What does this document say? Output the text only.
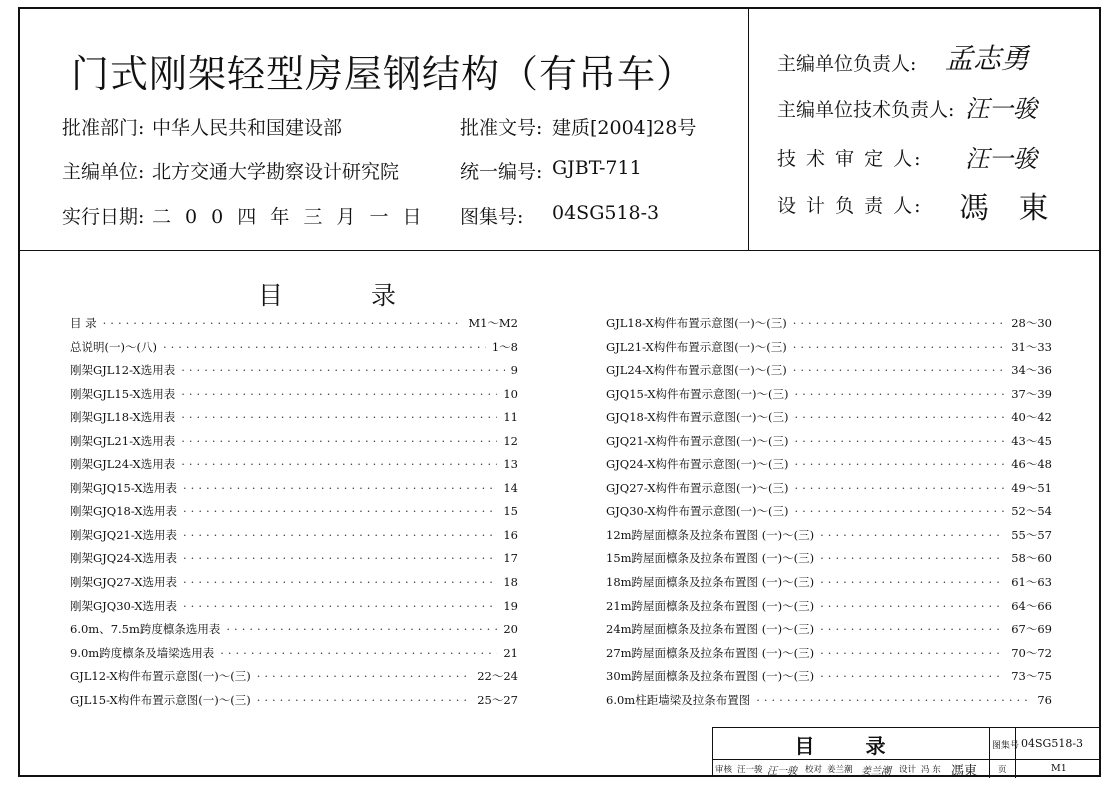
门式刚架轻型房屋钢结构（有吊车）
批准部门: 中华人民共和国建设部	批准文号: 建质[2004]28号
主编单位: 北方交通大学勘察设计研究院	统一编号: GJBT-711
实行日期: 二 0 0 四 年 三 月 一 日 图集号: 04SG518-3
主编单位负责人: 孟志勇
主编单位技术负责人: 汪一骏
技 术 审 定 人: 汪一骏
设 计 负 责 人: 馮 東
目 录
目 录 ·····	M1～M2
总说明(一)～(八) ·····	1～8
刚架GJL12-X选用表 ·····	9
刚架GJL15-X选用表 ·····	10
刚架GJL18-X选用表 ·····	11
刚架GJL21-X选用表 ·····	12
刚架GJL24-X选用表 ·····	13
刚架GJQ15-X选用表 ·····	14
刚架GJQ18-X选用表 ·····	15
刚架GJQ21-X选用表 ·····	16
刚架GJQ24-X选用表 ·····	17
刚架GJQ27-X选用表 ·····	18
刚架GJQ30-X选用表 ·····	19
6.0m、7.5m跨度檩条选用表 ·····	20
9.0m跨度檩条及墙梁选用表 ·····	21
GJL12-X构件布置示意图(一)～(三) ·····	22～24
GJL15-X构件布置示意图(一)～(三) ·····	25～27
GJL18-X构件布置示意图(一)～(三) ·····	28～30
GJL21-X构件布置示意图(一)～(三) ·····	31～33
GJL24-X构件布置示意图(一)～(三) ·····	34～36
GJQ15-X构件布置示意图(一)～(三) ·····	37～39
GJQ18-X构件布置示意图(一)～(三) ·····	40～42
GJQ21-X构件布置示意图(一)～(三) ·····	43～45
GJQ24-X构件布置示意图(一)～(三) ·····	46～48
GJQ27-X构件布置示意图(一)～(三) ·····	49～51
GJQ30-X构件布置示意图(一)～(三) ·····	52～54
12m跨屋面檩条及拉条布置图 (一)～(三) ·····	55～57
15m跨屋面檩条及拉条布置图 (一)～(三) ·····	58～60
18m跨屋面檩条及拉条布置图 (一)～(三) ·····	61～63
21m跨屋面檩条及拉条布置图 (一)～(三) ·····	64～66
24m跨屋面檩条及拉条布置图 (一)～(三) ·····	67～69
27m跨屋面檩条及拉条布置图 (一)～(三) ·····	70～72
30m跨屋面檩条及拉条布置图 (一)～(三) ·····	73～75
6.0m柱距墙梁及拉条布置图 ·····	76
目 录	图集号 04SG518-3
审核 汪一骏 汪一骏 校对 姜兰潮 姜兰潮 设计 冯 东 馮東 页	M1
